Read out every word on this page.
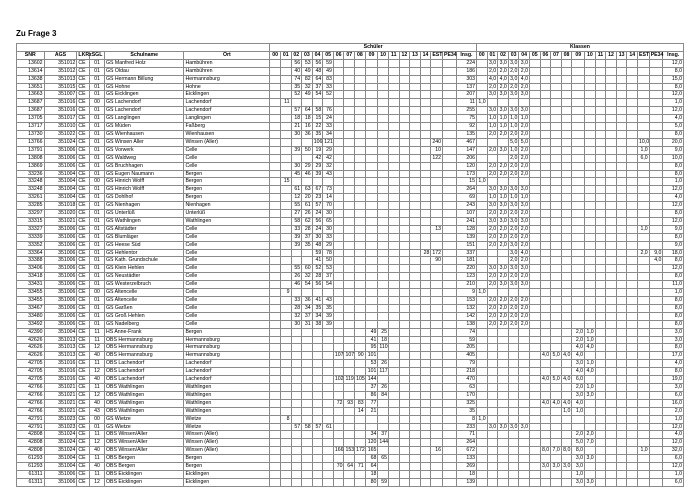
Zu Frage 3
						Schüler																		Klassen																	
SNR	AGS	LKRz	SGL	Schulname	Ort	00	01	02	03	04	05	06	07	08	09	10	11	12	13	14	EST	PE34	Insg.	00	01	02	03	04	05	06	07	08	09	10	11	12	13	14	EST	PE34	Insg.
13602	351012	CE	01	GS Manfred Holz	Hambühren			56	53	56	59												224		3,0	3,0	3,0	3,0													12,0
13614	351012	CE	01	GS Oldau	Hambühren			40	49	48	49												186		2,0	2,0	2,0	2,0													8,0
13638	351013	CE	01	GS Hermann Billung	Hermannsburg			74	82	64	83												303		4,0	4,0	3,0	4,0													15,0
13651	351015	CE	01	GS Hohne	Hohne			35	32	37	33												137		2,0	2,0	2,0	2,0													8,0
13663	351007	CE	01	GS Eicklingen	Eicklingen			52	49	54	52												207		3,0	3,0	3,0	3,0													12,0
13687	351016	CE	00	GS Lachendorf	Lachendorf		11																11	1,0																	1,0
13687	351016	CE	01	GS Lachendorf	Lachendorf			57	64	58	76												255		3,0	3,0	3,0	3,0													12,0
13705	351017	CE	01	GS Langlingen	Langlingen			18	18	15	24												75		1,0	1,0	1,0	1,0													4,0
13717	351010	CE	01	GS Müden	Faßberg			21	16	22	33												92		1,0	1,0	1,0	2,0													5,0
13730	351022	CE	01	GS Wienhausen	Wienhausen			30	36	35	34												135		2,0	2,0	2,0	2,0													8,0
13766	351024	CE	01	GS Winsen Aller	Winsen (Aller)					106	121										240		467				5,0	5,0											10,0		20,0
13791	351006	CE	01	GS Vorwerk	Celle			39	50	19	29										10		147		2,0	3,0	1,0	2,0											1,0		9,0
13808	351006	CE	01	GS Waldweg	Celle					42	42										122		206				2,0	2,0											6,0		10,0
13869	351006	CE	01	GS Bruchhagen	Celle			30	29	29	32												120		2,0	2,0	2,0	2,0													8,0
33236	351004	CE	01	GS Eugen Naumann	Bergen			45	46	39	43												173		2,0	2,0	2,0	2,0													8,0
33248	351004	CE	00	GS Hinrich Wolff	Bergen		15																15	1,0																	1,0
33248	351004	CE	01	GS Hinrich Wolff	Bergen			61	63	67	73												264		3,0	3,0	3,0	3,0													12,0
33261	351004	CE	01	GS Dohlhof	Bergen			12	20	23	14												69		1,0	1,0	1,0	1,0													4,0
33285	351018	CE	01	GS Nienhagen	Nienhagen			55	61	57	70												243		3,0	3,0	3,0	3,0													12,0
33297	351020	CE	01	GS Unterlüß	Unterlüß			27	26	24	30												107		2,0	2,0	2,0	2,0													8,0
33315	351021	CE	01	GS Wathlingen	Wathlingen			58	62	56	65												241		3,0	3,0	3,0	3,0													12,0
33327	351006	CE	01	GS Altstädter	Celle			33	28	24	30										13		128		2,0	2,0	2,0	2,0											1,0		9,0
33339	351006	CE	01	GS Blumläger	Celle			39	37	30	33												139		2,0	2,0	2,0	2,0													8,0
33352	351006	CE	01	GS Heese Süd	Celle			39	35	48	29												151		2,0	2,0	3,0	2,0													9,0
33364	351006	CE	01	GS Hehlentor	Celle					59	78									28	172		337				3,0	4,0											2,0	9,0	18,0
33388	351006	CE	01	GS Kath. Grundschule	Celle					41	50										90		181				2,0	2,0												4,0	8,0
33406	351006	CE	01	GS Klein Hehlen	Celle			55	60	52	53												220		3,0	3,0	3,0	3,0													12,0
33418	351006	CE	01	GS Neustädter	Celle			26	32	28	37												123		2,0	2,0	2,0	2,0													8,0
33431	351006	CE	01	GS Westerzelbruch	Celle			46	54	56	54												210		2,0	3,0	3,0	3,0													11,0
33455	351006	CE	00	GS Altencelle	Celle		9																9	1,0																	1,0
33455	351006	CE	01	GS Altencelle	Celle			33	36	41	43												153		2,0	2,0	2,0	2,0													8,0
33467	351006	CE	01	GS Garßen	Celle			28	34	35	35												132		2,0	2,0	2,0	2,0													8,0
33480	351006	CE	01	GS Groß Hehlen	Celle			32	37	34	39												142		2,0	2,0	2,0	2,0													8,0
33492	351006	CE	01	GS Nadelberg	Celle			30	31	38	39												138		2,0	2,0	2,0	2,0													8,0
42390	351004	CE	11	HS Anne-Frank	Bergen										49	25							74										2,0	1,0							3,0
42626	351013	CE	11	OBS Hermannsburg	Hermannsburg										41	18							59										2,0	1,0							3,0
42626	351013	CE	12	OBS Hermannsburg	Hermannsburg										95	110							205										4,0	4,0							8,0
42626	351013	CE	40	OBS Hermannsburg	Hermannsburg							107	107	90	101								405							4,0	5,0	4,0	4,0								17,0
42705	351016	CE	11	OBS Lachendorf	Lachendorf										53	26							79										3,0	1,0							4,0
42705	351016	CE	12	OBS Lachendorf	Lachendorf										101	117							218										4,0	4,0							8,0
42705	351016	CE	40	OBS Lachendorf	Lachendorf							102	119	105	144								470							4,0	5,0	4,0	6,0								19,0
42766	351021	CE	11	OBS Wathlingen	Wathlingen										37	26							63										2,0	1,0							3,0
42766	351021	CE	12	OBS Wathlingen	Wathlingen										86	84							170										3,0	3,0							6,0
42766	351021	CE	40	OBS Wathlingen	Wathlingen							72	93	83	77								325							4,0	4,0	4,0	4,0								16,0
42766	351021	CE	43	OBS Wathlingen	Wathlingen									14	21								35									1,0	1,0								2,0
42791	351023	CE	00	GS Wietze	Wietze		8																8	1,0																	1,0
42791	351023	CE	01	GS Wietze	Wietze			57	58	57	61												233		3,0	3,0	3,0	3,0													12,0
42808	351024	CE	11	OBS Winsen/Aller	Winsen (Aller)										34	37							71										2,0	2,0							4,0
42808	351024	CE	12	OBS Winsen/Aller	Winsen (Aller)										120	144							264										5,0	7,0							12,0
42808	351024	CE	40	OBS Winsen/Aller	Winsen (Aller)							166	153	172	165						16		672							8,0	7,0	8,0	8,0						1,0		32,0
61293	351004	CE	11	OBS Bergen	Bergen										68	65							133										3,0	3,0							6,0
61293	351004	CE	40	OBS Bergen	Bergen							70	64	71	64								269							3,0	3,0	3,0	3,0								12,0
61311	351006	CE	11	OBS Eicklingen	Eicklingen										18								18										1,0								1,0
61311	351006	CE	12	OBS Eicklingen	Eicklingen										80	59							139										3,0	3,0							6,0
